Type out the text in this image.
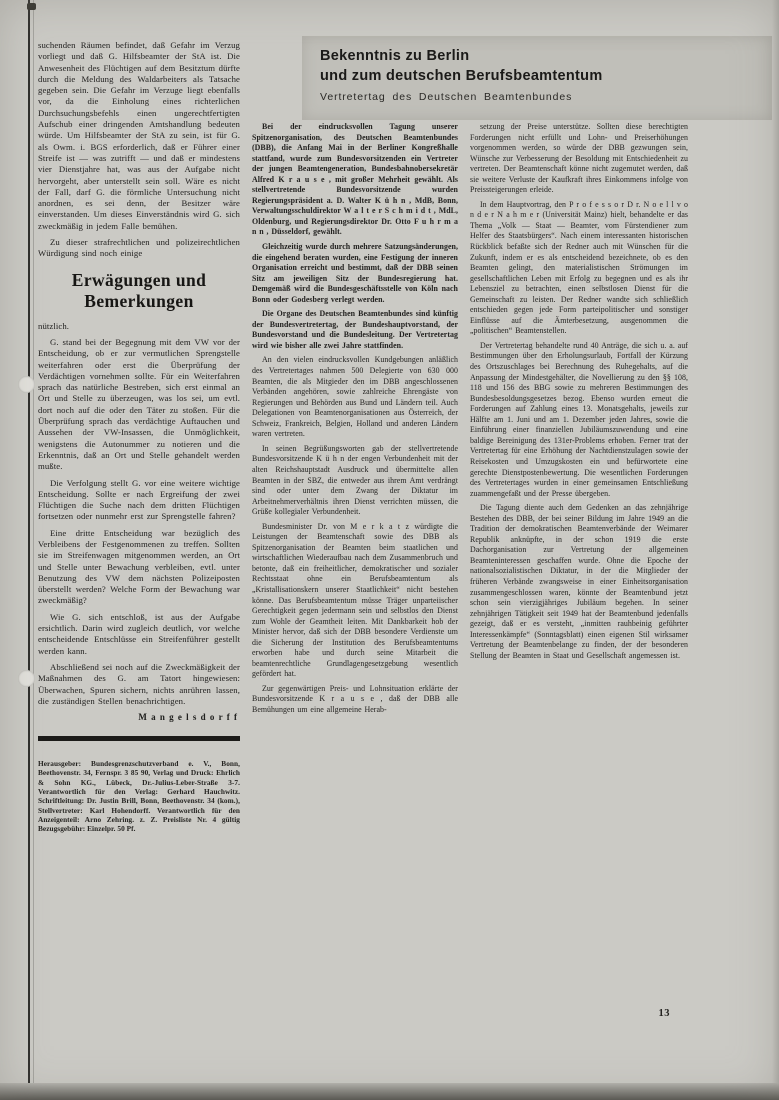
suchenden Räumen befindet, daß Gefahr im Verzug vorliegt und daß G. Hilfsbeamter der StA ist. Die Anwesenheit des Flüchtigen auf dem Besitztum dürfte durch die Meldung des Waldarbeiters als Tatsache gegeben sein. Die Gefahr im Verzuge liegt ebenfalls vor, da die Einholung eines richterlichen Durchsuchungsbefehls einen ungerechtfertigten Aufschub einer dringenden Amtshandlung bedeuten würde. Um Hilfsbeamter der StA zu sein, ist für G. als Owm. i. BGS erforderlich, daß er Führer einer Streife ist — was zutrifft — und daß er mindestens vier Dienstjahre hat, was aus der Aufgabe nicht hervorgeht, aber unterstellt sein soll. Wäre es nicht der Fall, darf G. die förmliche Untersuchung nicht anordnen, es sei denn, der Besitzer wäre einverstanden. Um dieses Einverständnis wird G. sich zweckmäßig in jedem Falle bemühen.

Zu dieser strafrechtlichen und polizeirechtlichen Würdigung sind noch einige

Erwägungen und Bemerkungen

nützlich.

G. stand bei der Begegnung mit dem VW vor der Entscheidung, ob er zur vermutlichen Sprengstelle weiterfahren oder erst die Überprüfung der Verdächtigen vornehmen sollte. Für ein Weiterfahren sprach das natürliche Bestreben, sich erst einmal an Ort und Stelle zu überzeugen, was los sei, um evtl. dort noch auf die oder den Täter zu stoßen. Für die Überprüfung sprach das verdächtige Auftauchen und Aussehen der VW-Insassen, die Unmöglichkeit, wenigstens die Autonummer zu notieren und die Erkenntnis, daß an Ort und Stelle gehandelt werden mußte.

Die Verfolgung stellt G. vor eine weitere wichtige Entscheidung. Sollte er nach Ergreifung der zwei Flüchtigen die Suche nach dem dritten Flüchtigen fortsetzen oder nunmehr erst zur Sprengstelle fahren?

Eine dritte Entscheidung war bezüglich des Verbleibens der Festgenommenen zu treffen. Sollten sie im Streifenwagen mitgenommen werden, an Ort und Stelle unter Bewachung verbleiben, evtl. unter Benutzung des VW dem nächsten Polizeiposten überstellt werden? Welche Form der Bewachung war zweckmäßig?

Wie G. sich entschloß, ist aus der Aufgabe ersichtlich. Darin wird zugleich deutlich, vor welche entscheidende Entschlüsse ein Streifenführer gestellt werden kann.

Abschließend sei noch auf die Zweckmäßigkeit der Maßnahmen des G. am Tatort hingewiesen: Überwachen, Spuren sichern, nichts anrühren lassen, die zuständigen Stellen benachrichtigen.

M a n g e l s d o r f f

Herausgeber: Bundesgrenzschutzverband e. V., Bonn, Beethovenstr. 34, Fernspr. 3 85 90, Verlag und Druck: Ehrlich & Sohn KG., Lübeck, Dr.-Julius-Leber-Straße 3-7. Verantwortlich für den Verlag: Gerhard Hauchwitz. Schriftleitung: Dr. Justin Brill, Bonn, Beethovenstr. 34 (kom.), Stellvertreter: Karl Hohendorff. Verantwortlich für den Anzeigenteil: Arno Zehring. z. Z. Preisliste Nr. 4 gültig Bezugsgebühr: Einzelpr. 50 Pf.

Bekenntnis zu Berlin
und zum deutschen Berufsbeamtentum
Vertretertag des Deutschen Beamtenbundes

Bei der eindrucksvollen Tagung unserer Spitzenorganisation, des Deutschen Beamtenbundes (DBB), die Anfang Mai in der Berliner Kongreßhalle stattfand, wurde zum Bundesvorsitzenden ein Vertreter der jungen Beamtengeneration, Bundesbahnobersekretär Alfred K r a u s e , mit großer Mehrheit gewählt. Als stellvertretende Bundesvorsitzende wurden Regierungspräsident a. D. Walter K ü h n , MdB, Bonn, Verwaltungsschuldirektor W a l t e r S c h m i d t , MdL, Oldenburg, und Regierungsdirektor Dr. Otto F u h r m a n n , Düsseldorf, gewählt.

Gleichzeitig wurde durch mehrere Satzungsänderungen, die eingehend beraten wurden, eine Festigung der inneren Organisation erreicht und bestimmt, daß der DBB seinen Sitz am jeweiligen Sitz der Bundesregierung hat. Demgemäß wird die Bundesgeschäftsstelle von Köln nach Bonn oder Godesberg verlegt werden.

Die Organe des Deutschen Beamtenbundes sind künftig der Bundesvertretertag, der Bundeshauptvorstand, der Bundesvorstand und die Bundesleitung. Der Vertretertag wird wie bisher alle zwei Jahre stattfinden.

An den vielen eindrucksvollen Kundgebungen anläßlich des Vertretertages nahmen 500 Delegierte von 630 000 Beamten, die als Mitgieder den im DBB angeschlossenen Verbänden angehören, sowie zahlreiche Ehrengäste von Regierungen und Behörden aus Bund und Ländern teil. Auch Delegationen von Beamtenorganisationen aus Österreich, der Schweiz, Frankreich, Belgien, Holland und anderen Ländern waren vertreten.

In seinen Begrüßungsworten gab der stellvertretende Bundesvorsitzende K ü h n der engen Verbundenheit mit der alten Reichshauptstadt Ausdruck und übermittelte allen Beamten in der SBZ, die entweder aus ihrem Amt verdrängt sind oder unter dem Zwang der Diktatur im Arbeitnehmerverhältnis ihren Dienst verrichten müssen, die Grüße kollegialer Verbundenheit.

Bundesminister Dr. von M e r k a t z würdigte die Leistungen der Beamtenschaft sowie des DBB als Spitzenorganisation der Beamten beim staatlichen und wirtschaftlichen Wiederaufbau nach dem Zusammenbruch und betonte, daß ein freiheitlicher, demokratischer und sozialer Rechtsstaat ohne ein Berufsbeamtentum als „Kristallisationskern unserer Staatlichkeit“ nicht bestehen könne. Das Berufsbeamtentum müsse Träger unparteiischer Gerechtigkeit gegen jedermann sein und selbstlos den Dienst zum Wohle der Geamtheit leiten. Mit Dankbarkeit hob der Minister hervor, daß sich der DBB besondere Verdienste um die Sicherung der Institution des Berufsbeamtentums erworben habe und durch seine Mitarbeit die beamtenrechtliche Grundlagengesetzgebung wesentlich gefördert hat.

Zur gegenwärtigen Preis- und Lohnsituation erklärte der Bundesvorsitzende K r a u s e , daß der DBB alle Bemühungen um eine allgemeine Herab-

setzung der Preise unterstütze. Sollten diese berechtigten Forderungen nicht erfüllt und Lohn- und Preiserhöhungen vorgenommen werden, so würde der DBB gezwungen sein, Wünsche zur Verbesserung der Besoldung mit Entschiedenheit zu vertreten. Der Beamtenschaft könne nicht zugemutet werden, daß sie weitere Verluste der Kaufkraft ihres Einkommens infolge von Preissteigerungen erleide.

In dem Hauptvortrag, den P r o f e s s o r D r. N o e l l v o n d e r N a h m e r (Universität Mainz) hielt, behandelte er das Thema „Volk — Staat — Beamter, vom Fürstendiener zum Helfer des Staatsbürgers“. Nach einem interessanten historischen Rückblick befaßte sich der Redner auch mit Wünschen für die Zukunft, indem er es als entscheidend bezeichnete, ob es den Beamten gelingt, den materialistischen Strömungen im gesellschaftlichen Leben mit Erfolg zu begegnen und es als ihr Lebensziel zu betrachten, einen selbstlosen Dienst für die Gemeinschaft zu leisten. Der Redner wandte sich schließlich entschieden gegen jede Form parteipolitischer und sonstiger Einflüsse auf die Ämterbesetzung, ausgenommen die „politischen“ Beamtenstellen.

Der Vertretertag behandelte rund 40 Anträge, die sich u. a. auf Bestimmungen über den Erholungsurlaub, Fortfall der Kürzung des Ortszuschlages bei Berechnung des Ruhegehalts, auf die Anpassung der Mindestgehälter, die Novellierung zu den §§ 108, 118 und 156 des BBG sowie zu mehreren Bestimmungen des Bundesbesoldungsgesetzes bezog. Ebenso wurden erneut die Forderungen auf Zahlung eines 13. Monatsgehalts, jeweils zur Hälfte am 1. Juni und am 1. Dezember jeden Jahres, sowie die Einführung einer finanziellen Jubiläumszuwendung und eine baldige Bereinigung des 131er-Problems erhoben. Ferner trat der Vertretertag für eine Erhöhung der Nachtdienstzulagen sowie der Reisekosten und Umzugskosten ein und befürwortete eine gerechte Dienstpostenbewertung. Die wesentlichen Forderungen des Vertretertages wurden in einer gemeinsamen Entschließung zuammengefaßt und der Presse übergeben.

Die Tagung diente auch dem Gedenken an das zehnjährige Bestehen des DBB, der bei seiner Bildung im Jahre 1949 an die Tradition der demokratischen Beamtenverbände der Weimarer Republik anknüpfte, in der schon 1919 die erste Dachorganisation zur Vertretung der allgemeinen Beamteninteressen geschaffen wurde. Ohne die Epoche der nationalsozialistischen Diktatur, in der die Mitglieder der früheren Verbände zwangsweise in einer Einheitsorganisation zusammengeschlossen waren, könnte der Beamtenbund jetzt schon sein vierzigjähriges Jubiläum begehen. In seiner zehnjährigen Tätigkeit seit 1949 hat der Beamtenbund jedenfalls gezeigt, daß er es versteht, „inmitten rauhbeinig geführter Interessenkämpfe“ (Sonntagsblatt) einen eigenen Stil wirksamer Vertretung der Beamtenbelange zu finden, der der besonderen Stellung der Beamten in Staat und Gesellschaft angemessen ist.

13
